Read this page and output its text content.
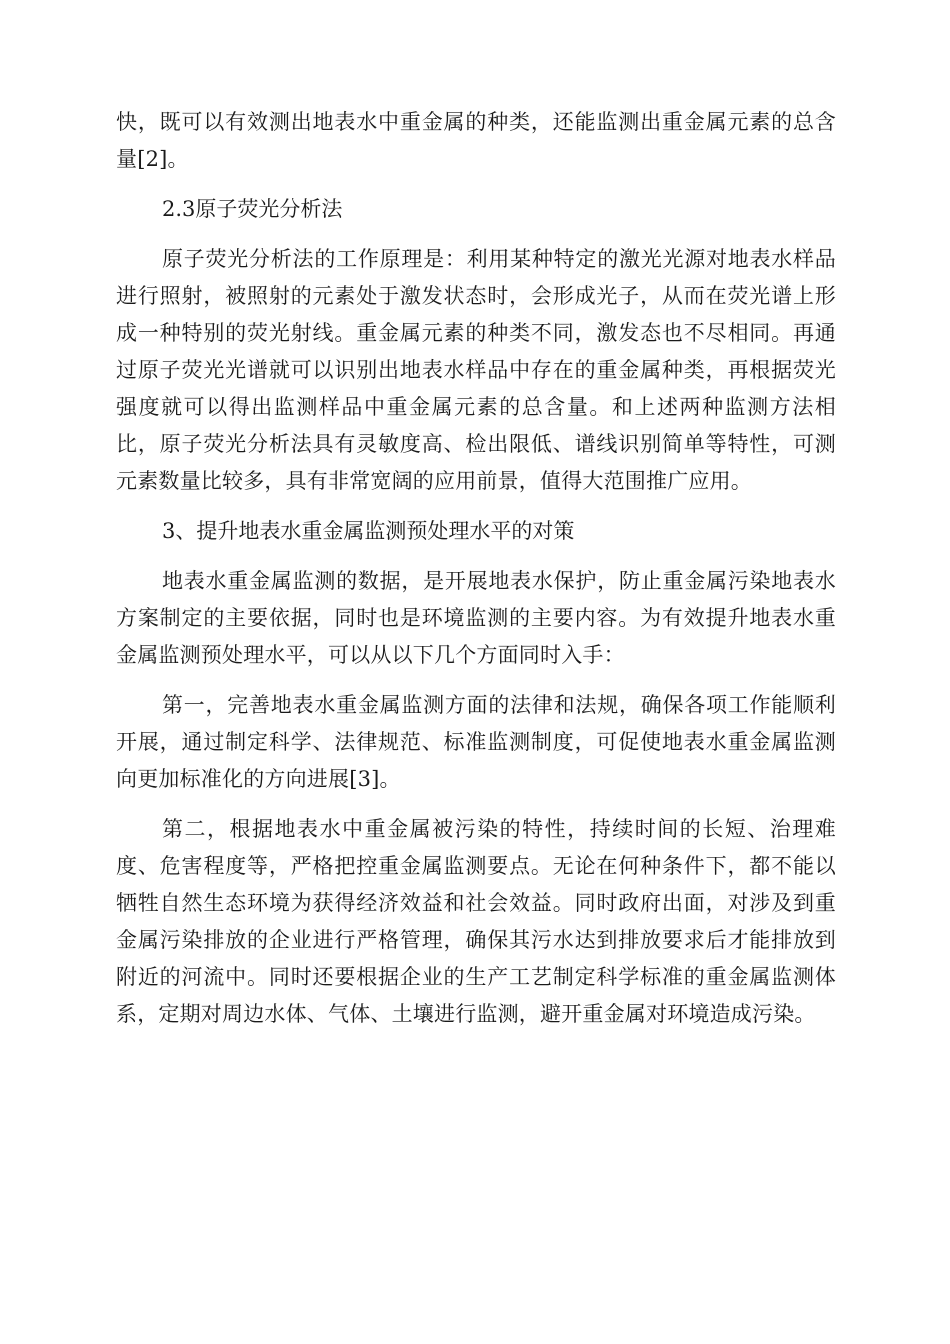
快，既可以有效测出地表水中重金属的种类，还能监测出重金属元素的总含量[2]。

2.3原子荧光分析法

原子荧光分析法的工作原理是：利用某种特定的激光光源对地表水样品进行照射，被照射的元素处于激发状态时，会形成光子，从而在荧光谱上形成一种特别的荧光射线。重金属元素的种类不同，激发态也不尽相同。再通过原子荧光光谱就可以识别出地表水样品中存在的重金属种类，再根据荧光强度就可以得出监测样品中重金属元素的总含量。和上述两种监测方法相比，原子荧光分析法具有灵敏度高、检出限低、谱线识别简单等特性，可测元素数量比较多，具有非常宽阔的应用前景，值得大范围推广应用。

3、提升地表水重金属监测预处理水平的对策

地表水重金属监测的数据，是开展地表水保护，防止重金属污染地表水方案制定的主要依据，同时也是环境监测的主要内容。为有效提升地表水重金属监测预处理水平，可以从以下几个方面同时入手：

第一，完善地表水重金属监测方面的法律和法规，确保各项工作能顺利开展，通过制定科学、法律规范、标准监测制度，可促使地表水重金属监测向更加标准化的方向进展[3]。

第二，根据地表水中重金属被污染的特性，持续时间的长短、治理难度、危害程度等，严格把控重金属监测要点。无论在何种条件下，都不能以牺牲自然生态环境为获得经济效益和社会效益。同时政府出面，对涉及到重金属污染排放的企业进行严格管理，确保其污水达到排放要求后才能排放到附近的河流中。同时还要根据企业的生产工艺制定科学标准的重金属监测体系，定期对周边水体、气体、土壤进行监测，避开重金属对环境造成污染。
